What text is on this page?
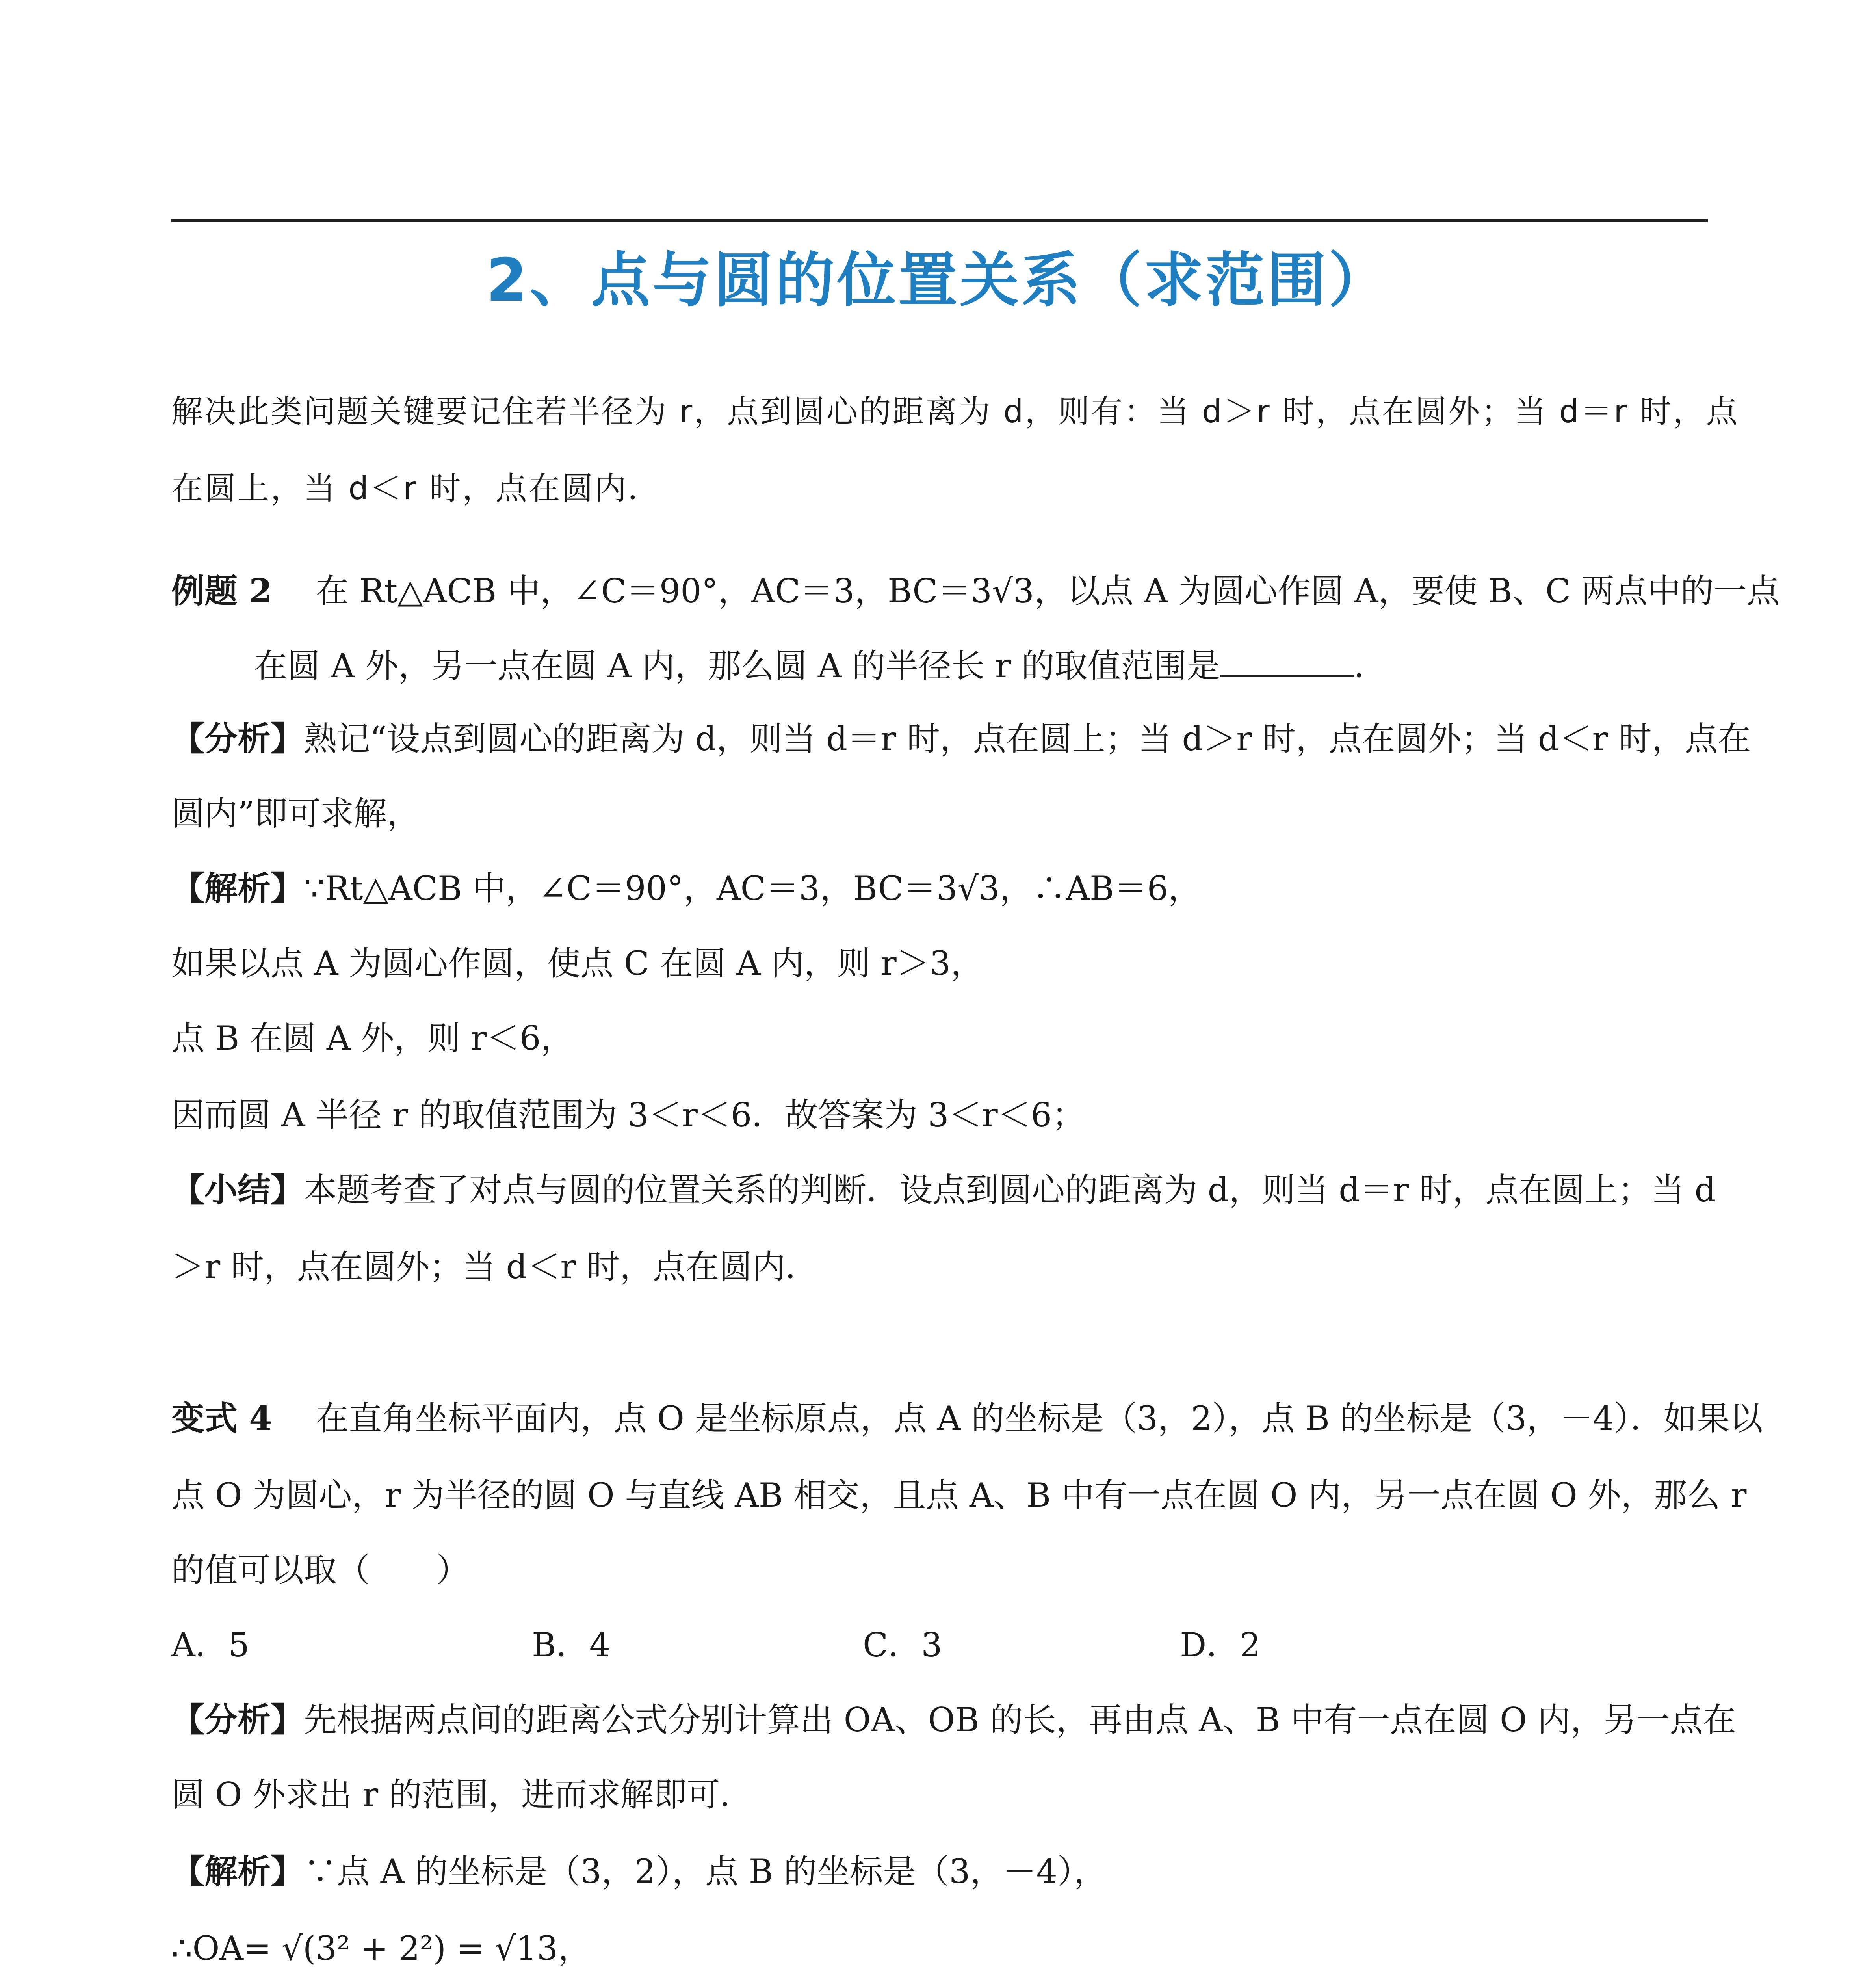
2、点与圆的位置关系（求范围）
解决此类问题关键要记住若半径为 r，点到圆心的距离为 d，则有：当 d＞r 时，点在圆外；当 d＝r 时，点
在圆上，当 d＜r 时，点在圆内．
例题 2  在 Rt△ACB 中，∠C＝90°，AC＝3，BC＝3√3，以点 A 为圆心作圆 A，要使 B、C 两点中的一点
在圆 A 外，另一点在圆 A 内，那么圆 A 的半径长 r 的取值范围是	．
【分析】熟记“设点到圆心的距离为 d，则当 d＝r 时，点在圆上；当 d＞r 时，点在圆外；当 d＜r 时，点在
圆内”即可求解，
【解析】∵Rt△ACB 中，∠C＝90°，AC＝3，BC＝3√3，∴AB＝6，
如果以点 A 为圆心作圆，使点 C 在圆 A 内，则 r＞3，
点 B 在圆 A 外，则 r＜6，
因而圆 A 半径 r 的取值范围为 3＜r＜6．故答案为 3＜r＜6；
【小结】本题考查了对点与圆的位置关系的判断．设点到圆心的距离为 d，则当 d＝r 时，点在圆上；当 d
＞r 时，点在圆外；当 d＜r 时，点在圆内．
变式 4  在直角坐标平面内，点 O 是坐标原点，点 A 的坐标是（3，2），点 B 的坐标是（3，－4）．如果以
点 O 为圆心，r 为半径的圆 O 与直线 AB 相交，且点 A、B 中有一点在圆 O 内，另一点在圆 O 外，那么 r
的值可以取（　　）
A．5	B．4	C．3	D．2
【分析】先根据两点间的距离公式分别计算出 OA、OB 的长，再由点 A、B 中有一点在圆 O 内，另一点在
圆 O 外求出 r 的范围，进而求解即可．
【解析】∵点 A 的坐标是（3，2），点 B 的坐标是（3，－4），
∴OA= √(3² + 2²) = √13，
